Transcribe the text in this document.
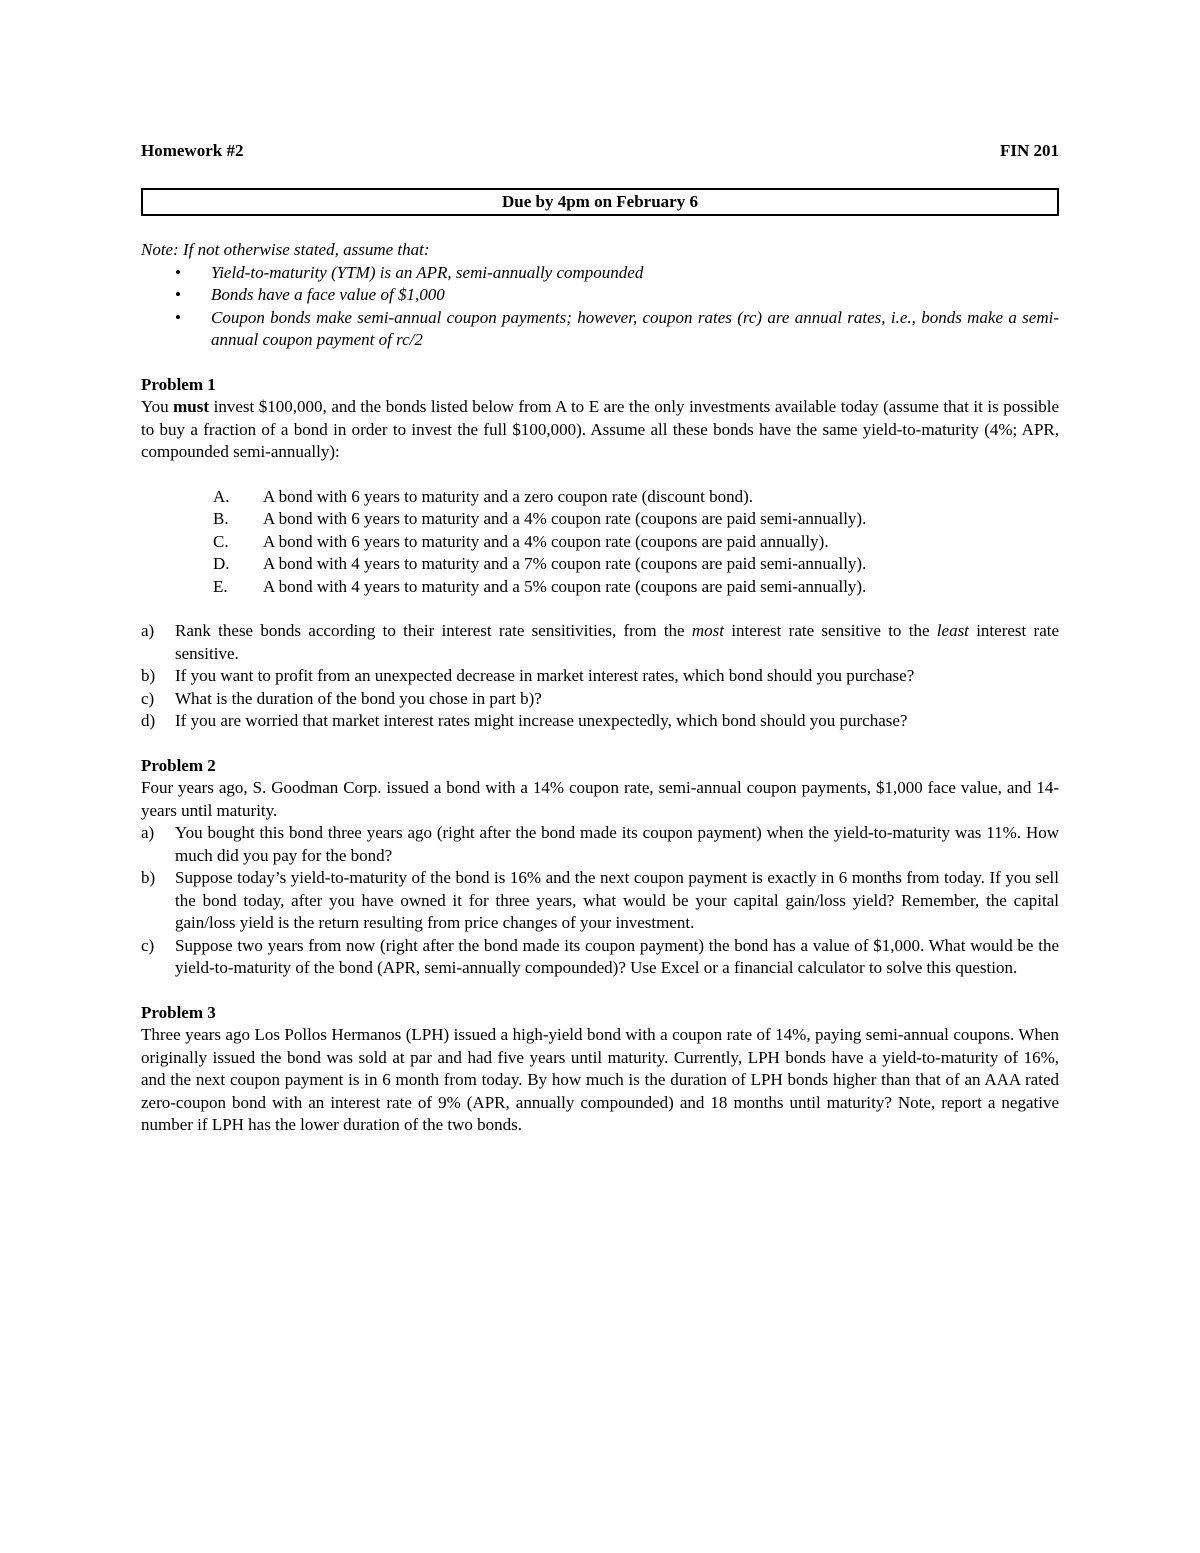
Homework #2	FIN 201
Due by 4pm on February 6
Note: If not otherwise stated, assume that:
• Yield-to-maturity (YTM) is an APR, semi-annually compounded
• Bonds have a face value of $1,000
• Coupon bonds make semi-annual coupon payments; however, coupon rates (rc) are annual rates, i.e., bonds make a semi-annual coupon payment of rc/2
Problem 1
You must invest $100,000, and the bonds listed below from A to E are the only investments available today (assume that it is possible to buy a fraction of a bond in order to invest the full $100,000). Assume all these bonds have the same yield-to-maturity (4%; APR, compounded semi-annually):
A. A bond with 6 years to maturity and a zero coupon rate (discount bond).
B. A bond with 6 years to maturity and a 4% coupon rate (coupons are paid semi-annually).
C. A bond with 6 years to maturity and a 4% coupon rate (coupons are paid annually).
D. A bond with 4 years to maturity and a 7% coupon rate (coupons are paid semi-annually).
E. A bond with 4 years to maturity and a 5% coupon rate (coupons are paid semi-annually).
a) Rank these bonds according to their interest rate sensitivities, from the most interest rate sensitive to the least interest rate sensitive.
b) If you want to profit from an unexpected decrease in market interest rates, which bond should you purchase?
c) What is the duration of the bond you chose in part b)?
d) If you are worried that market interest rates might increase unexpectedly, which bond should you purchase?
Problem 2
Four years ago, S. Goodman Corp. issued a bond with a 14% coupon rate, semi-annual coupon payments, $1,000 face value, and 14-years until maturity.
a) You bought this bond three years ago (right after the bond made its coupon payment) when the yield-to-maturity was 11%. How much did you pay for the bond?
b) Suppose today’s yield-to-maturity of the bond is 16% and the next coupon payment is exactly in 6 months from today. If you sell the bond today, after you have owned it for three years, what would be your capital gain/loss yield? Remember, the capital gain/loss yield is the return resulting from price changes of your investment.
c) Suppose two years from now (right after the bond made its coupon payment) the bond has a value of $1,000. What would be the yield-to-maturity of the bond (APR, semi-annually compounded)? Use Excel or a financial calculator to solve this question.
Problem 3
Three years ago Los Pollos Hermanos (LPH) issued a high-yield bond with a coupon rate of 14%, paying semi-annual coupons. When originally issued the bond was sold at par and had five years until maturity. Currently, LPH bonds have a yield-to-maturity of 16%, and the next coupon payment is in 6 month from today. By how much is the duration of LPH bonds higher than that of an AAA rated zero-coupon bond with an interest rate of 9% (APR, annually compounded) and 18 months until maturity? Note, report a negative number if LPH has the lower duration of the two bonds.
